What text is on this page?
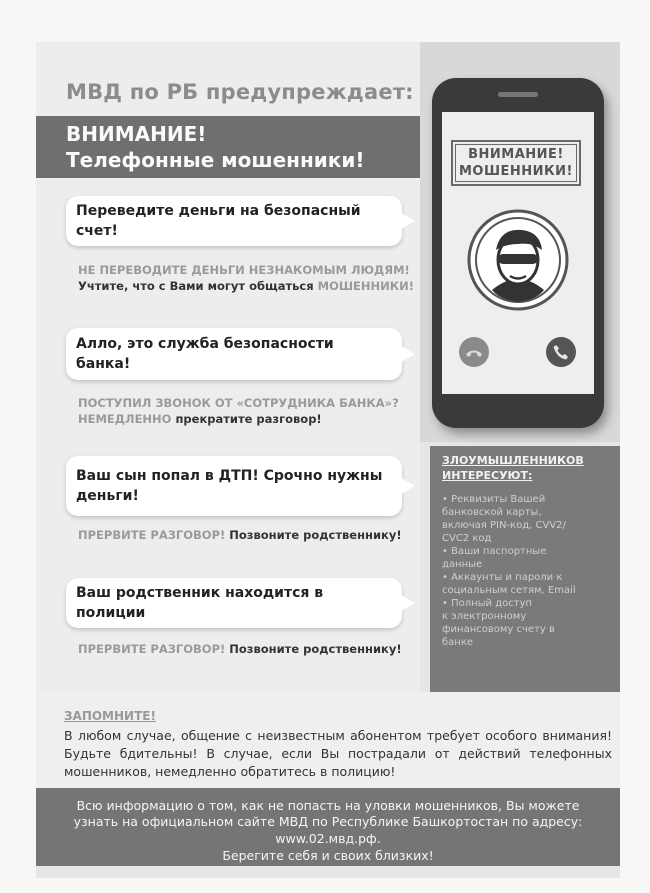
МВД по РБ предупреждает:
ВНИМАНИЕ!
Телефонные мошенники!	ВНИМАНИЕ!
МОШЕННИКИ!
Переведите деньги на безопасный счет!
НЕ ПЕРЕВОДИТЕ ДЕНЬГИ НЕЗНАКОМЫМ ЛЮДЯМ!
Учтите, что с Вами могут общаться МОШЕННИКИ!
Алло, это служба безопасности банка!
ПОСТУПИЛ ЗВОНОК ОТ «СОТРУДНИКА БАНКА»?
НЕМЕДЛЕННО прекратите разговор!
Ваш сын попал в ДТП! Срочно нужны
деньги!
ПРЕРВИТЕ РАЗГОВОР! Позвоните родственнику!
Ваш родственник находится в полиции
ПРЕРВИТЕ РАЗГОВОР! Позвоните родственнику!
ЗЛОУМЫШЛЕННИКОВ
ИНТЕРЕСУЮТ:
• Реквизиты Вашей
банковской карты,
включая PIN-код, CVV2/
CVC2 код
• Ваши паспортные
данные
• Аккаунты и пароли к
социальным сетям, Email
• Полный доступ
к электронному
финансовому счету в
банке
ЗАПОМНИТЕ!
В любом случае, общение с неизвестным абонентом требует особого внимания! Будьте бдительны! В случае, если Вы пострадали от действий телефонных мошенников, немедленно обратитесь в полицию!
Всю информацию о том, как не попасть на уловки мошенников, Вы можете
узнать на официальном сайте МВД по Республике Башкортостан по адресу:
www.02.мвд.рф.
Берегите себя и своих близких!
